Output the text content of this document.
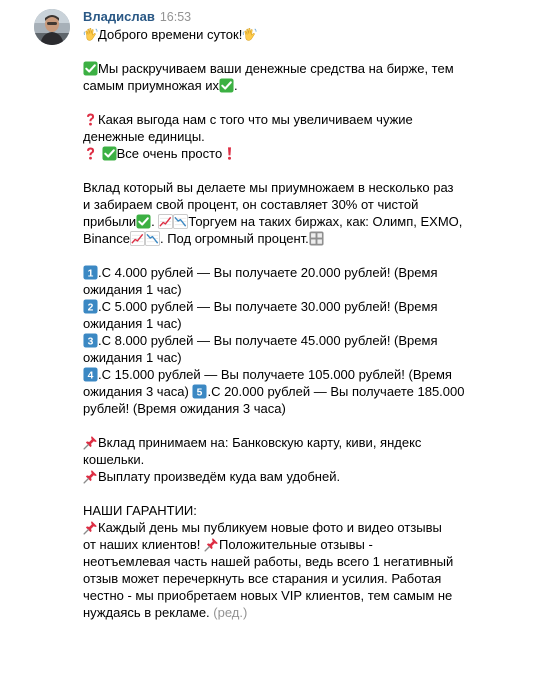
Владислав 16:53
Доброго времени суток!
Мы раскручиваем ваши денежные средства на бирже, тем
самым приумножая их .
Какая выгода нам с того что мы увеличиваем чужие
денежные единицы.

Все очень просто
Вклад который вы делаете мы приумножаем в несколько раз
и забираем свой процент, он составляет 30% от чистой
прибыли .
Торгуем на таких биржах, как: Олимп, EXMO,
Binance . Под огромный процент.
1 .С 4.000 рублей — Вы получаете 20.000 рублей! (Время
ожидания 1 час)
2 .С 5.000 рублей — Вы получаете 30.000 рублей! (Время
ожидания 1 час)
3 .С 8.000 рублей — Вы получаете 45.000 рублей! (Время
ожидания 1 час)
4 .С 15.000 рублей — Вы получаете 105.000 рублей! (Время
ожидания 3 часа) 5 .С 20.000 рублей — Вы получаете 185.000
рублей! (Время ожидания 3 часа)
Вклад принимаем на: Банковскую карту, киви, яндекс
кошельки.
Выплату произведём куда вам удобней.
НАШИ ГАРАНТИИ:
Каждый день мы публикуем новые фото и видео отзывы
от наших клиентов!
Положительные отзывы -
неотъемлевая часть нашей работы, ведь всего 1 негативный
отзыв может перечеркнуть все старания и усилия. Работая
честно - мы приобретаем новых VIP клиентов, тем самым не
нуждаясь в рекламе. (ред.)
